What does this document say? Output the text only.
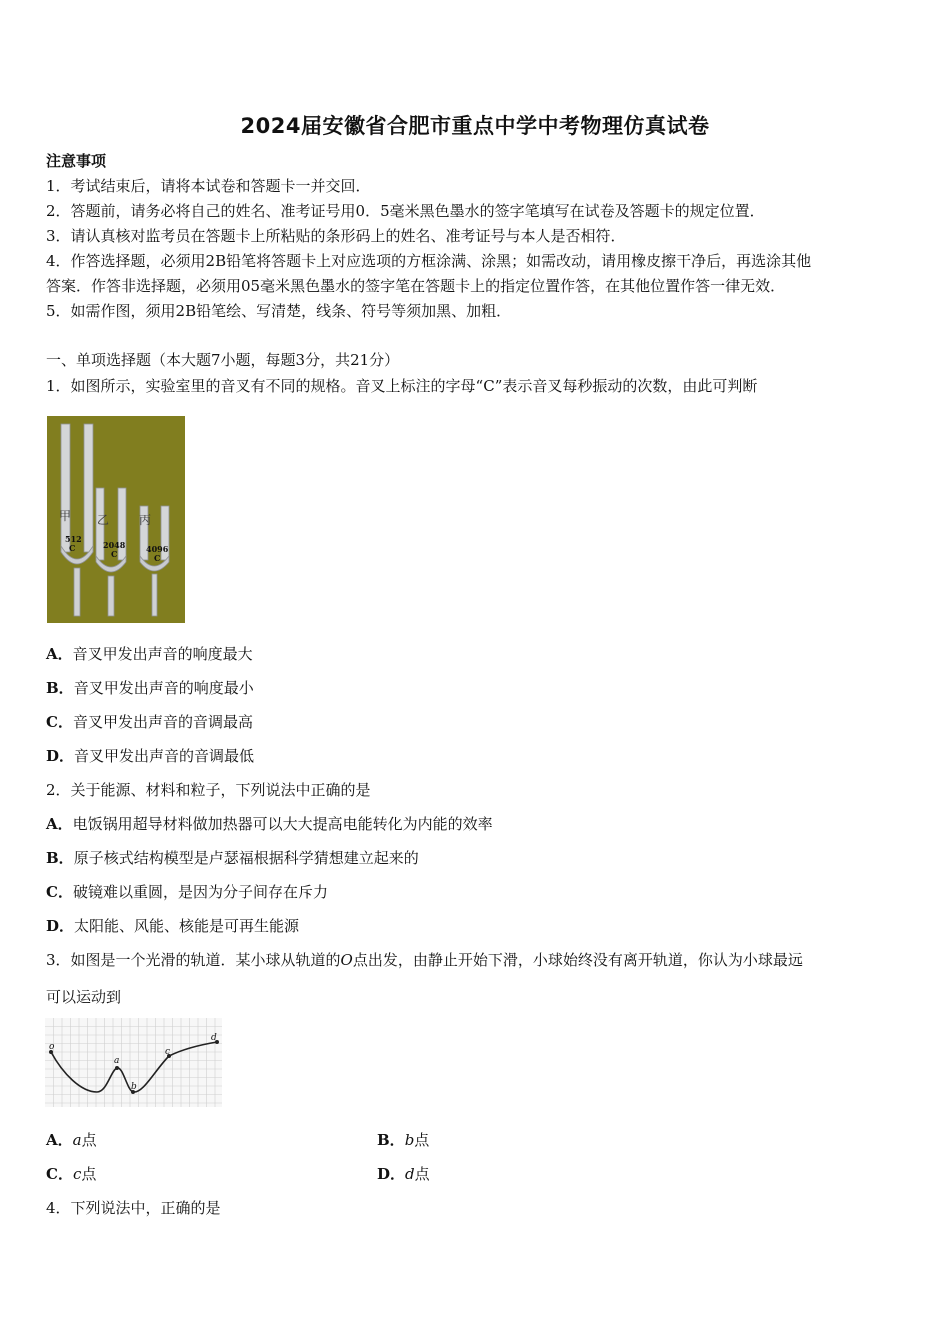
2024届安徽省合肥市重点中学中考物理仿真试卷
注意事项
1．考试结束后，请将本试卷和答题卡一并交回．
2．答题前，请务必将自己的姓名、准考证号用0．5毫米黑色墨水的签字笔填写在试卷及答题卡的规定位置．
3．请认真核对监考员在答题卡上所粘贴的条形码上的姓名、准考证号与本人是否相符．
4．作答选择题，必须用2B铅笔将答题卡上对应选项的方框涂满、涂黑；如需改动，请用橡皮擦干净后，再选涂其他
答案．作答非选择题，必须用05毫米黑色墨水的签字笔在答题卡上的指定位置作答，在其他位置作答一律无效．
5．如需作图，须用2B铅笔绘、写清楚，线条、符号等须加黑、加粗．
一、单项选择题（本大题7小题，每题3分，共21分）
1．如图所示，实验室里的音叉有不同的规格。音叉上标注的字母“C”表示音叉每秒振动的次数，由此可判断
甲 乙 丙
512
C	2048
C	4096
C
A．音叉甲发出声音的响度最大
B．音叉甲发出声音的响度最小
C．音叉甲发出声音的音调最高
D．音叉甲发出声音的音调最低
2．关于能源、材料和粒子，下列说法中正确的是
A．电饭锅用超导材料做加热器可以大大提高电能转化为内能的效率
B．原子核式结构模型是卢瑟福根据科学猜想建立起来的
C．破镜难以重圆，是因为分子间存在斥力
D．太阳能、风能、核能是可再生能源
3．如图是一个光滑的轨道．某小球从轨道的O点出发，由静止开始下滑，小球始终没有离开轨道，你认为小球最远
可以运动到
o
a
b
c
d
A．a点	B．b点
C．c点	D．d点
4．下列说法中，正确的是
